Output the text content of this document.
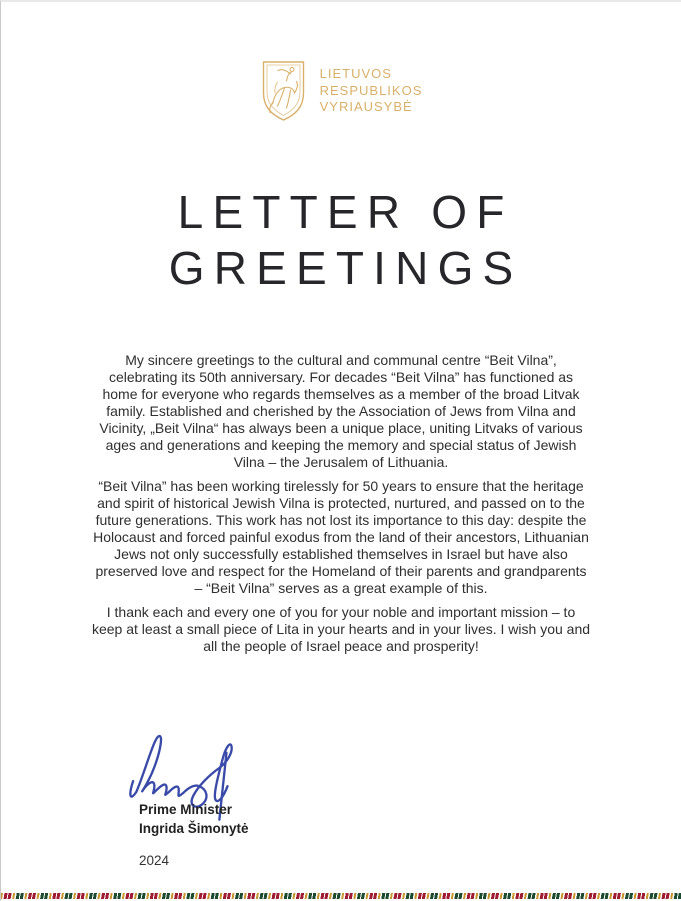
LIETUVOS
RESPUBLIKOS
VYRIAUSYBĖ
LETTER OF
GREETINGS

My sincere greetings to the cultural and communal centre “Beit Vilna”, celebrating its 50th anniversary. For decades “Beit Vilna” has functioned as home for everyone who regards themselves as a member of the broad Litvak family. Established and cherished by the Association of Jews from Vilna and Vicinity, „Beit Vilna“ has always been a unique place, uniting Litvaks of various ages and generations and keeping the memory and special status of Jewish Vilna – the Jerusalem of Lithuania.

“Beit Vilna” has been working tirelessly for 50 years to ensure that the heritage and spirit of historical Jewish Vilna is protected, nurtured, and passed on to the future generations. This work has not lost its importance to this day: despite the Holocaust and forced painful exodus from the land of their ancestors, Lithuanian Jews not only successfully established themselves in Israel but have also preserved love and respect for the Homeland of their parents and grandparents – “Beit Vilna” serves as a great example of this.

I thank each and every one of you for your noble and important mission – to keep at least a small piece of Lita in your hearts and in your lives. I wish you and all the people of Israel peace and prosperity!

Prime Minister
Ingrida Šimonytė
2024
